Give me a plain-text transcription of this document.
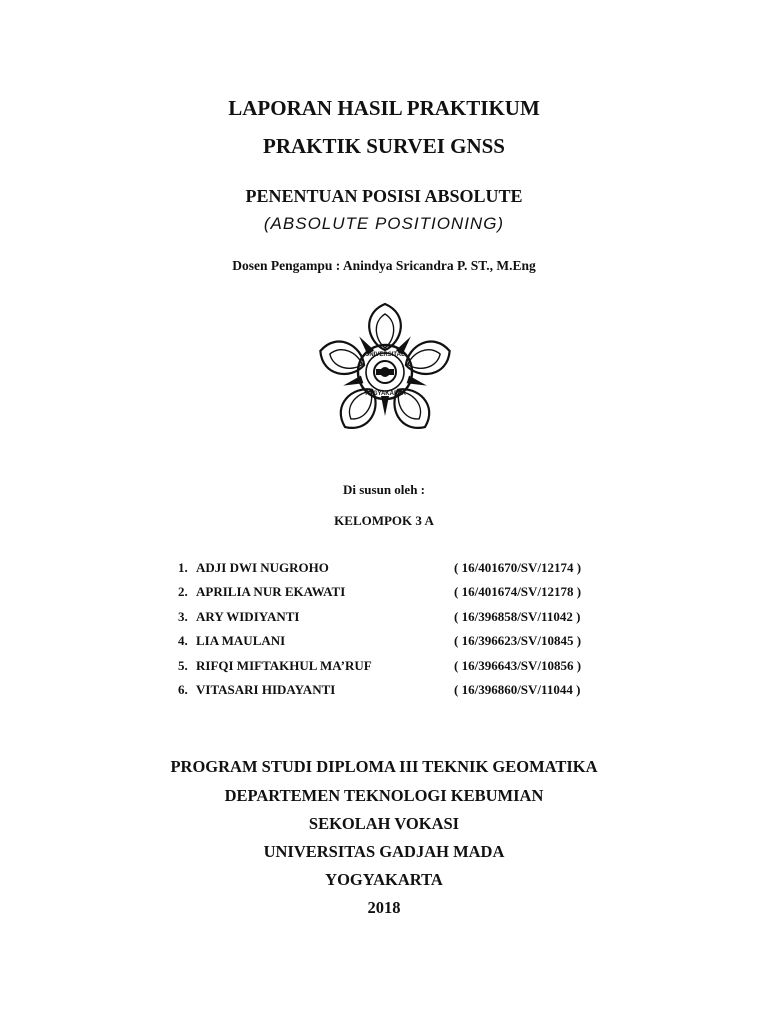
LAPORAN HASIL PRAKTIKUM
PRAKTIK SURVEI GNSS
PENENTUAN POSISI ABSOLUTE
(ABSOLUTE POSITIONING)
Dosen Pengampu : Anindya Sricandra P. ST., M.Eng
UNIVERSITAS
YOGYAKARTA
Di susun oleh :
KELOMPOK 3 A
1. ADJI DWI NUGROHO	( 16/401670/SV/12174 )
2. APRILIA NUR EKAWATI	( 16/401674/SV/12178 )
3. ARY WIDIYANTI	( 16/396858/SV/11042 )
4. LIA MAULANI	( 16/396623/SV/10845 )
5. RIFQI MIFTAKHUL MA’RUF	( 16/396643/SV/10856 )
6. VITASARI HIDAYANTI	( 16/396860/SV/11044 )
PROGRAM STUDI DIPLOMA III TEKNIK GEOMATIKA
DEPARTEMEN TEKNOLOGI KEBUMIAN
SEKOLAH VOKASI
UNIVERSITAS GADJAH MADA
YOGYAKARTA
2018
